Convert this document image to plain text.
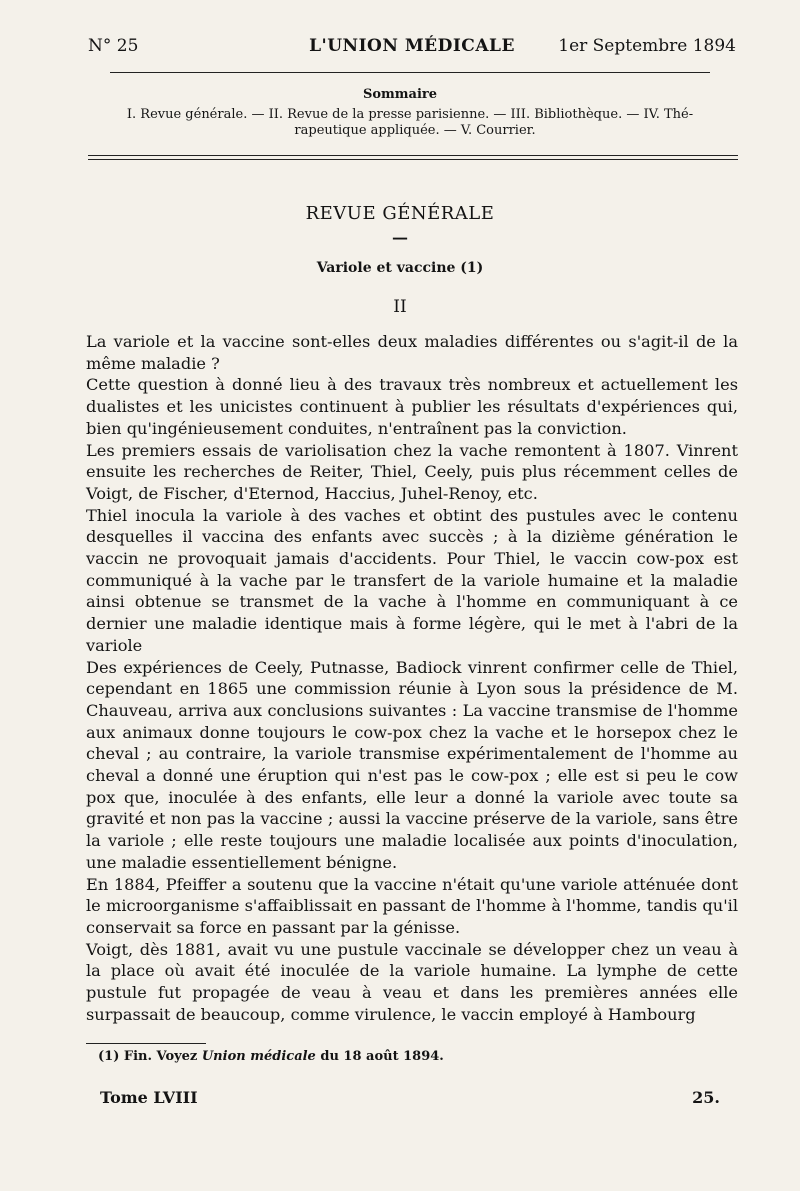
N° 25	L'UNION MÉDICALE	1er Septembre 1894
Sommaire
I. Revue générale. — II. Revue de la presse parisienne. — III. Bibliothèque. — IV. Thé-
rapeutique appliquée. — V. Courrier.
REVUE GÉNÉRALE
—
Variole et vaccine (1)
II

La variole et la vaccine sont-elles deux maladies différentes ou s'agit-il de la même maladie ?

Cette question à donné lieu à des travaux très nombreux et actuellement les dualistes et les unicistes continuent à publier les résultats d'expériences qui, bien qu'ingénieusement conduites, n'entraînent pas la conviction.

Les premiers essais de variolisation chez la vache remontent à 1807. Vinrent ensuite les recherches de Reiter, Thiel, Ceely, puis plus récemment celles de Voigt, de Fischer, d'Eternod, Haccius, Juhel-Renoy, etc.

Thiel inocula la variole à des vaches et obtint des pustules avec le contenu desquelles il vaccina des enfants avec succès ; à la dizième génération le vaccin ne provoquait jamais d'accidents. Pour Thiel, le vaccin cow-pox est communiqué à la vache par le transfert de la variole humaine et la maladie ainsi obtenue se transmet de la vache à l'homme en communiquant à ce dernier une maladie identique mais à forme légère, qui le met à l'abri de la variole

Des expériences de Ceely, Putnasse, Badiock vinrent confirmer celle de Thiel, cependant en 1865 une commission réunie à Lyon sous la présidence de M. Chauveau, arriva aux conclusions suivantes : La vaccine transmise de l'homme aux animaux donne toujours le cow-pox chez la vache et le horsepox chez le cheval ; au contraire, la variole transmise expérimentalement de l'homme au cheval a donné une éruption qui n'est pas le cow-pox ; elle est si peu le cow pox que, inoculée à des enfants, elle leur a donné la variole avec toute sa gravité et non pas la vaccine ; aussi la vaccine préserve de la variole, sans être la variole ; elle reste toujours une maladie localisée aux points d'inoculation, une maladie essentiellement bénigne.

En 1884, Pfeiffer a soutenu que la vaccine n'était qu'une variole atténuée dont le microorganisme s'affaiblissait en passant de l'homme à l'homme, tandis qu'il conservait sa force en passant par la génisse.

Voigt, dès 1881, avait vu une pustule vaccinale se développer chez un veau à la place où avait été inoculée de la variole humaine. La lymphe de cette pustule fut propagée de veau à veau et dans les premières années elle surpassait de beaucoup, comme virulence, le vaccin employé à Hambourg

(1) Fin. Voyez Union médicale du 18 août 1894.
Tome LVIII	25.
